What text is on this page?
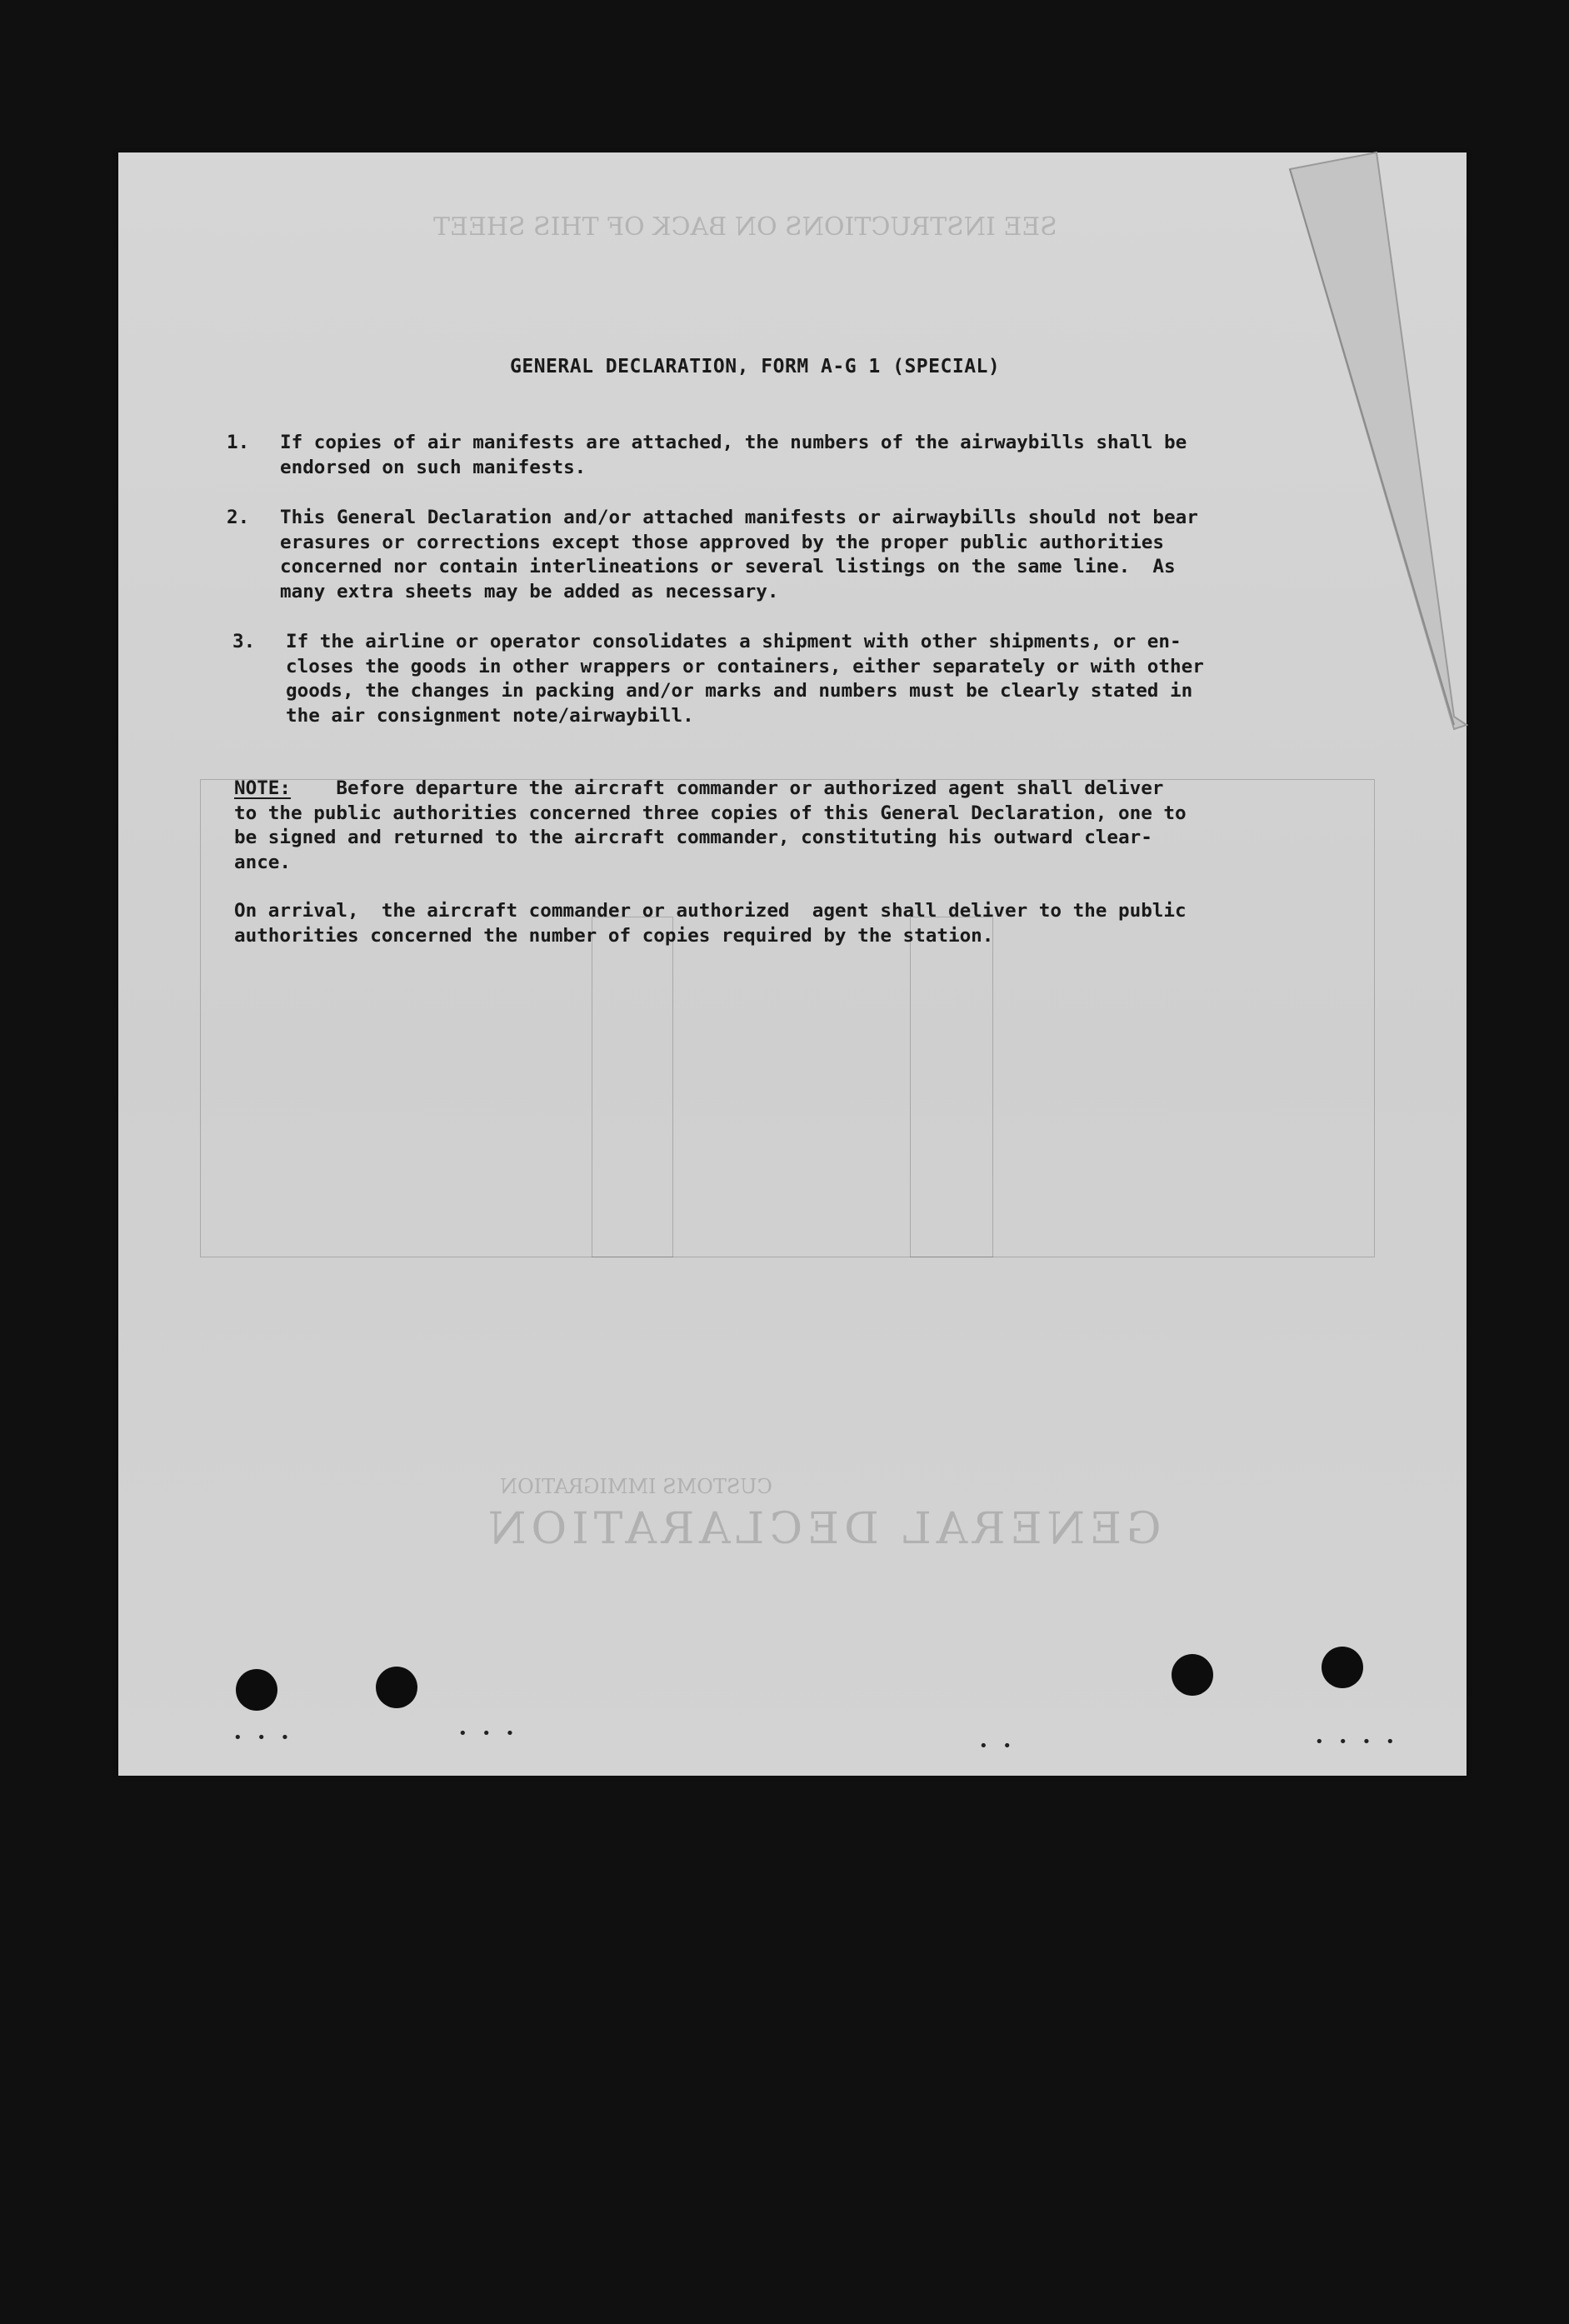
GENERAL DECLARATION
CUSTOMS IMMIGRATION
SEE INSTRUCTIONS ON BACK OF THIS SHEET
GENERAL DECLARATION, FORM A-G 1 (SPECIAL)

1.

If copies of air manifests are attached, the numbers of the airwaybills shall be
endorsed on such manifests.

2.

This General Declaration and/or attached manifests or airwaybills should not bear
erasures or corrections except those approved by the proper public authorities
concerned nor contain interlineations or several listings on the same line.  As
many extra sheets may be added as necessary.

3.

If the airline or operator consolidates a shipment with other shipments, or en-
closes the goods in other wrappers or containers, either separately or with other
goods, the changes in packing and/or marks and numbers must be clearly stated in
the air consignment note/airwaybill.

NOTE:    Before departure the aircraft commander or authorized agent shall deliver
to the public authorities concerned three copies of this General Declaration, one to
be signed and returned to the aircraft commander, constituting his outward clear-
ance.
On arrival,  the aircraft commander or authorized  agent shall deliver to the public
authorities concerned the number of copies required by the station.
• • •	• • •
• •	• • • •
